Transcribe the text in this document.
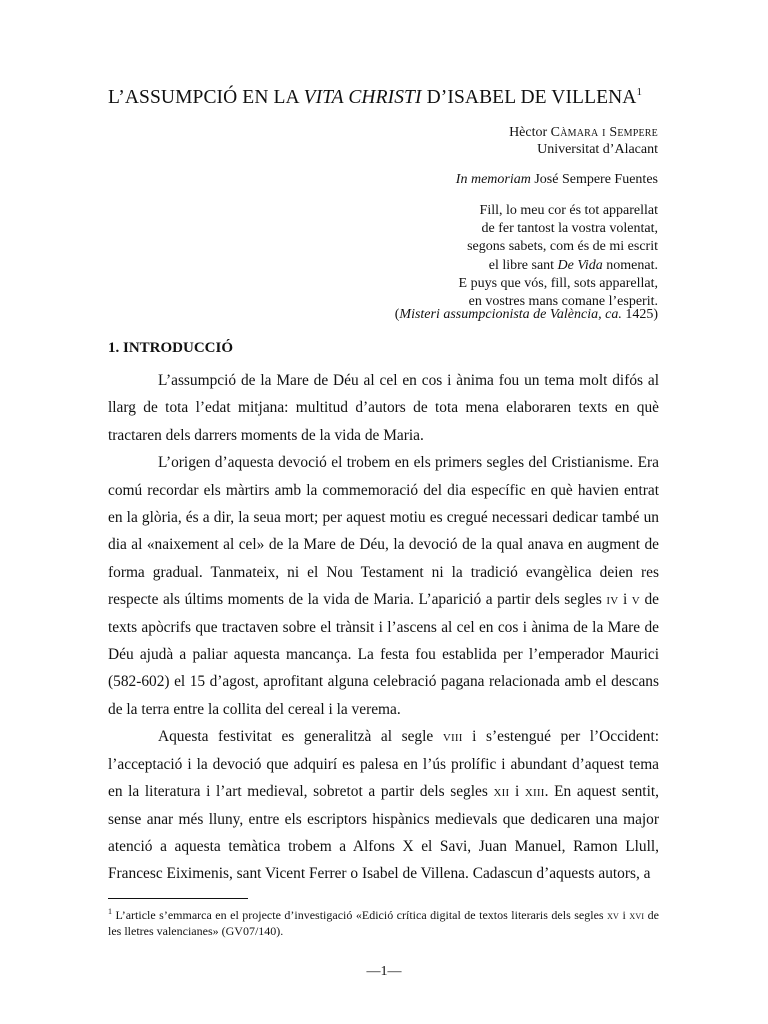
L’ASSUMPCIÓ EN LA VITA CHRISTI D’ISABEL DE VILLENA$^1$
Hèctor Càmara i Sempere
Universitat d’Alacant
In memoriam José Sempere Fuentes
Fill, lo meu cor és tot apparellat
de fer tantost la vostra volentat,
segons sabets, com és de mi escrit
el libre sant De Vida nomenat.
E puys que vós, fill, sots apparellat,
en vostres mans comane l’esperit.
(Misteri assumpcionista de València, ca. 1425)
1. INTRODUCCIÓ

L’assumpció de la Mare de Déu al cel en cos i ànima fou un tema molt difós al llarg de tota l’edat mitjana: multitud d’autors de tota mena elaboraren texts en què tractaren dels darrers moments de la vida de Maria.

L’origen d’aquesta devoció el trobem en els primers segles del Cristianisme. Era comú recordar els màrtirs amb la commemoració del dia específic en què havien entrat en la glòria, és a dir, la seua mort; per aquest motiu es cregué necessari dedicar també un dia al «naixement al cel» de la Mare de Déu, la devoció de la qual anava en augment de forma gradual. Tanmateix, ni el Nou Testament ni la tradició evangèlica deien res respecte als últims moments de la vida de Maria. L’aparició a partir dels segles iv i v de texts apòcrifs que tractaven sobre el trànsit i l’ascens al cel en cos i ànima de la Mare de Déu ajudà a paliar aquesta mancança. La festa fou establida per l’emperador Maurici (582-602) el 15 d’agost, aprofitant alguna celebració pagana relacionada amb el descans de la terra entre la collita del cereal i la verema.

Aquesta festivitat es generalitzà al segle viii i s’estengué per l’Occident: l’acceptació i la devoció que adquirí es palesa en l’ús prolífic i abundant d’aquest tema en la literatura i l’art medieval, sobretot a partir dels segles xii i xiii. En aquest sentit, sense anar més lluny, entre els escriptors hispànics medievals que dedicaren una major atenció a aquesta temàtica trobem a Alfons X el Savi, Juan Manuel, Ramon Llull, Francesc Eiximenis, sant Vicent Ferrer o Isabel de Villena. Cadascun d’aquests autors, a

$^1$ L’article s’emmarca en el projecte d’investigació «Edició crítica digital de textos literaris dels segles xv i xvi de les lletres valencianes» (GV07/140).
—1—
